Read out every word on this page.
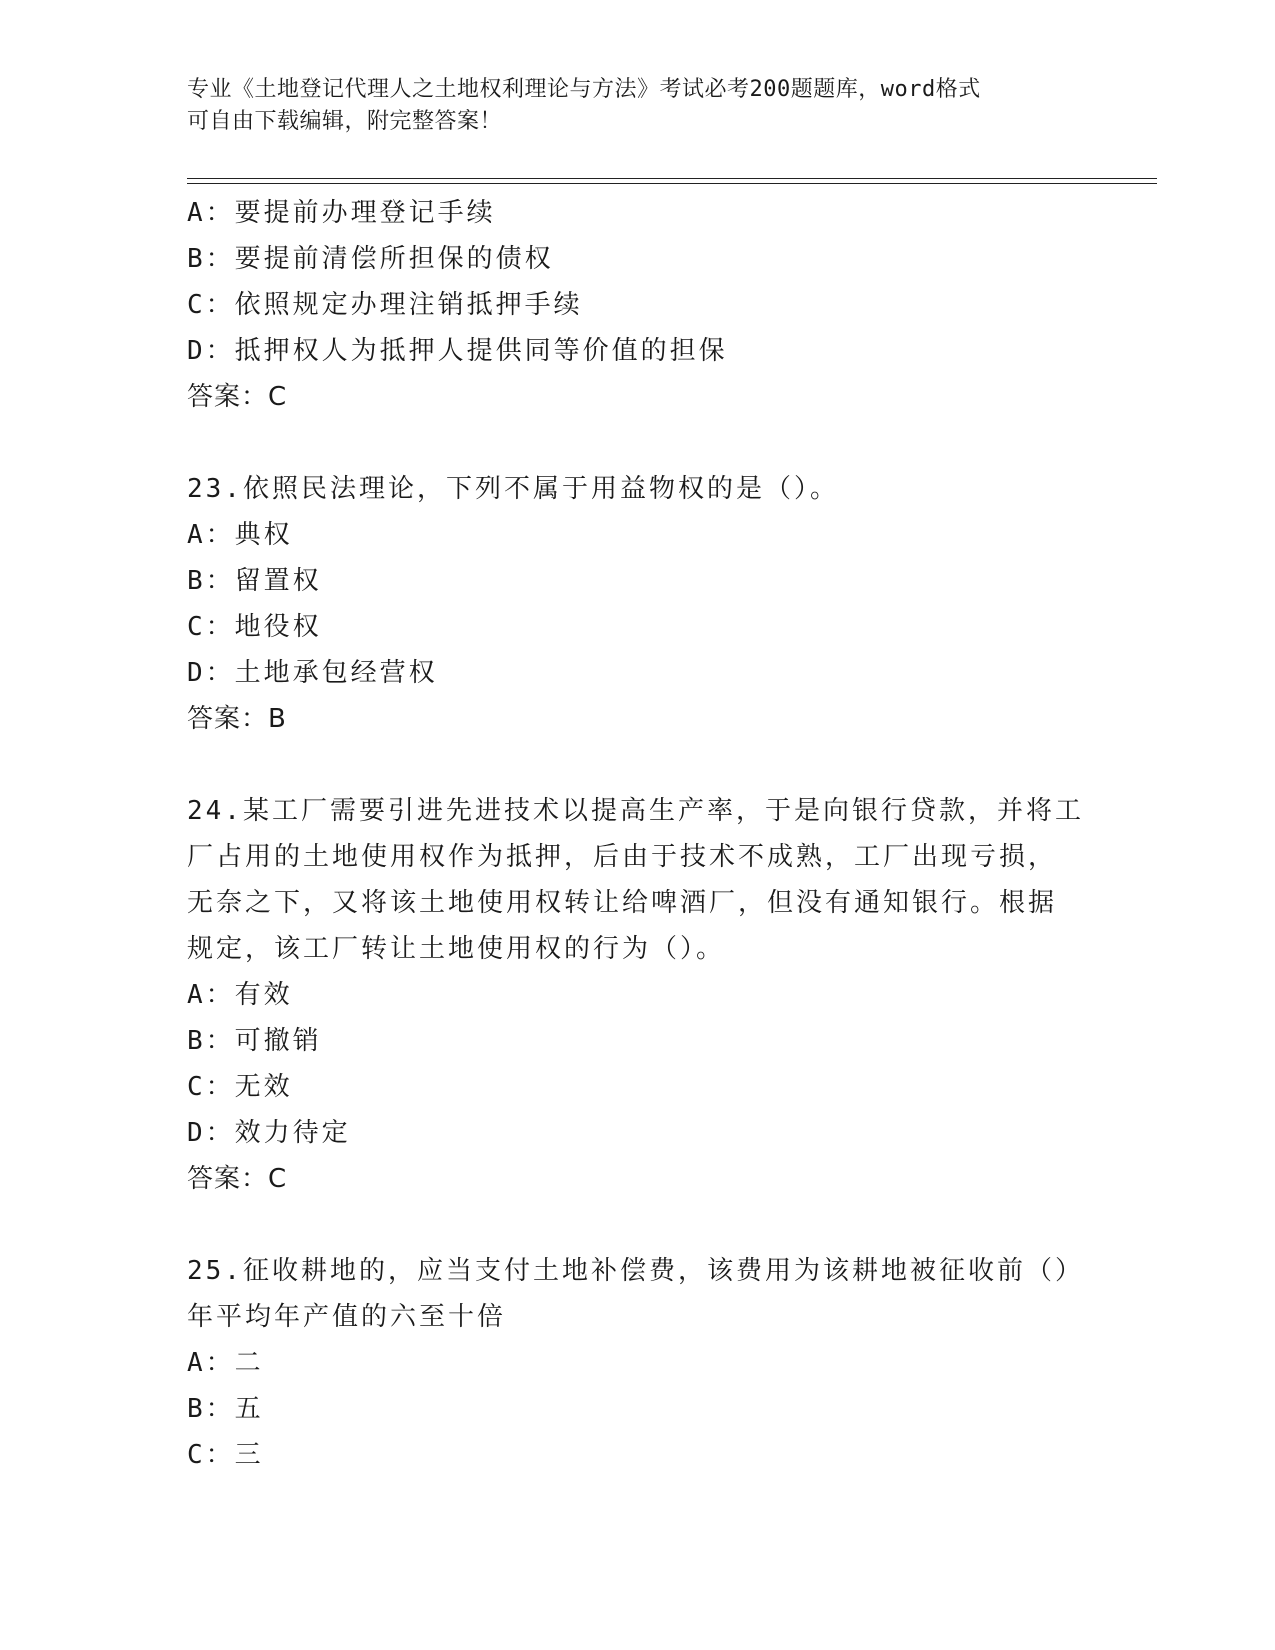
专业《土地登记代理人之土地权利理论与方法》考试必考200题题库，word格式
可自由下载编辑，附完整答案！
A：要提前办理登记手续
B：要提前清偿所担保的债权
C：依照规定办理注销抵押手续
D：抵押权人为抵押人提供同等价值的担保
答案：C
23.依照民法理论，下列不属于用益物权的是（）。
A：典权
B：留置权
C：地役权
D：土地承包经营权
答案：B
24.某工厂需要引进先进技术以提高生产率，于是向银行贷款，并将工
厂占用的土地使用权作为抵押，后由于技术不成熟，工厂出现亏损，
无奈之下，又将该土地使用权转让给啤酒厂，但没有通知银行。根据
规定，该工厂转让土地使用权的行为（）。
A：有效
B：可撤销
C：无效
D：效力待定
答案：C
25.征收耕地的，应当支付土地补偿费，该费用为该耕地被征收前（）
年平均年产值的六至十倍
A：二
B：五
C：三
